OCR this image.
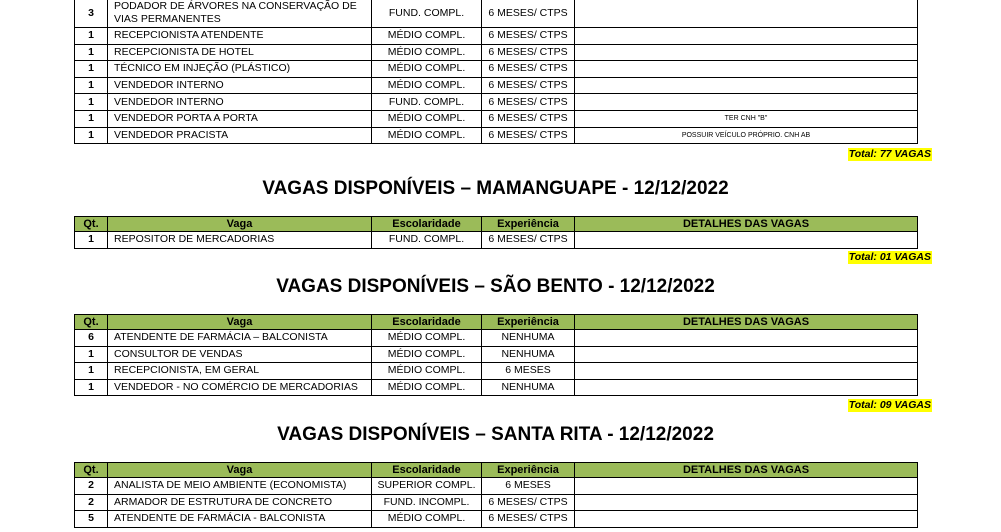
3	PODADOR DE ÁRVORES NA CONSERVAÇÃO DE VIAS PERMANENTES	FUND. COMPL.	6 MESES/ CTPS	
1	RECEPCIONISTA ATENDENTE	MÉDIO COMPL.	6 MESES/ CTPS	
1	RECEPCIONISTA DE HOTEL	MÉDIO COMPL.	6 MESES/ CTPS	
1	TÉCNICO EM INJEÇÃO (PLÁSTICO)	MÉDIO COMPL.	6 MESES/ CTPS	
1	VENDEDOR INTERNO	MÉDIO COMPL.	6 MESES/ CTPS	
1	VENDEDOR INTERNO	FUND. COMPL.	6 MESES/ CTPS	
1	VENDEDOR PORTA A PORTA	MÉDIO COMPL.	6 MESES/ CTPS	TER CNH "B"
1	VENDEDOR PRACISTA	MÉDIO COMPL.	6 MESES/ CTPS	POSSUIR VEÍCULO PRÓPRIO. CNH AB
Total: 77 VAGAS
VAGAS DISPONÍVEIS – MAMANGUAPE - 12/12/2022
Qt.	Vaga	Escolaridade	Experiência	DETALHES DAS VAGAS
1	REPOSITOR DE MERCADORIAS	FUND. COMPL.	6 MESES/ CTPS	
Total: 01 VAGAS
VAGAS DISPONÍVEIS – SÃO BENTO - 12/12/2022
Qt.	Vaga	Escolaridade	Experiência	DETALHES DAS VAGAS
6	ATENDENTE DE FARMÁCIA – BALCONISTA	MÉDIO COMPL.	NENHUMA	
1	CONSULTOR DE VENDAS	MÉDIO COMPL.	NENHUMA	
1	RECEPCIONISTA, EM GERAL	MÉDIO COMPL.	6 MESES	
1	VENDEDOR - NO COMÉRCIO DE MERCADORIAS	MÉDIO COMPL.	NENHUMA	
Total: 09 VAGAS
VAGAS DISPONÍVEIS – SANTA RITA - 12/12/2022
Qt.	Vaga	Escolaridade	Experiência	DETALHES DAS VAGAS
2	ANALISTA DE MEIO AMBIENTE (ECONOMISTA)	SUPERIOR COMPL.	6 MESES	
2	ARMADOR DE ESTRUTURA DE CONCRETO	FUND. INCOMPL.	6 MESES/ CTPS	
5	ATENDENTE DE FARMÁCIA - BALCONISTA	MÉDIO COMPL.	6 MESES/ CTPS	
